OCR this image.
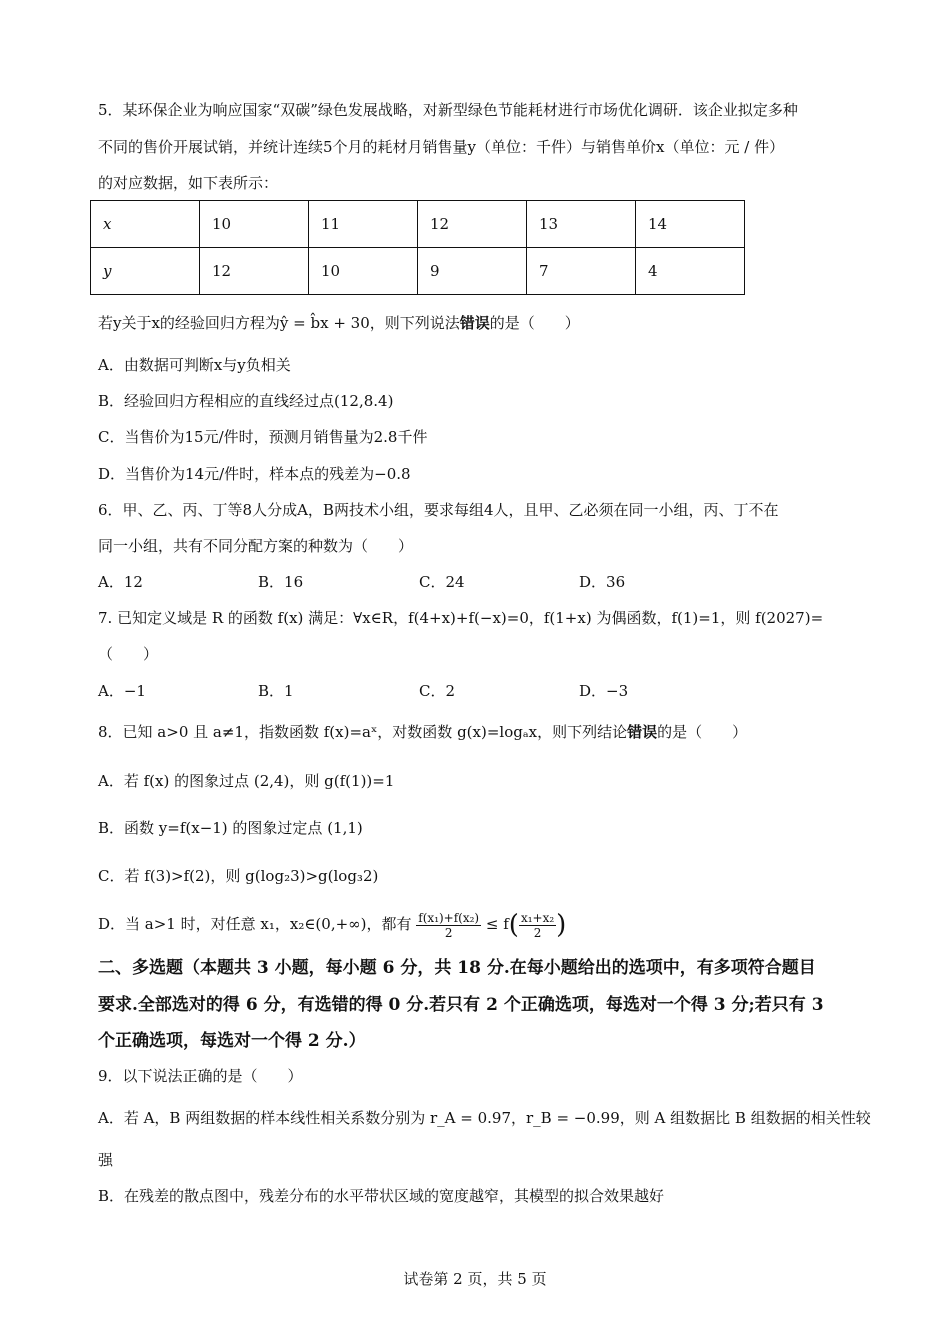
5．某环保企业为响应国家“双碳”绿色发展战略，对新型绿色节能耗材进行市场优化调研．该企业拟定多种
不同的售价开展试销，并统计连续5个月的耗材月销售量y（单位：千件）与销售单价x（单位：元 / 件）
的对应数据，如下表所示：
x	10	11	12	13	14
y	12	10	9	7	4
若y关于x的经验回归方程为ŷ = b̂x + 30，则下列说法错误的是（　　）
A．由数据可判断x与y负相关
B．经验回归方程相应的直线经过点(12,8.4)
C．当售价为15元/件时，预测月销售量为2.8千件
D．当售价为14元/件时，样本点的残差为−0.8
6．甲、乙、丙、丁等8人分成A，B两技术小组，要求每组4人，且甲、乙必须在同一小组，丙、丁不在
同一小组，共有不同分配方案的种数为（　　）
A．12	B．16	C．24	D．36
7. 已知定义域是 R 的函数 f(x) 满足：∀x∈R，f(4+x)+f(−x)=0，f(1+x) 为偶函数，f(1)=1，则 f(2027)=
（　　）
A．−1	B．1	C．2	D．−3
8．已知 a>0 且 a≠1，指数函数 f(x)=aˣ，对数函数 g(x)=logₐx，则下列结论错误的是（　　）
A．若 f(x) 的图象过点 (2,4)，则 g(f(1))=1
B．函数 y=f(x−1) 的图象过定点 (1,1)
C．若 f(3)>f(2)，则 g(log₂3)>g(log₃2)
D．当 a>1 时，对任意 x₁，x₂∈(0,+∞)，都有 $\frac{\text{f(x₁)+f(x₂)}}{2} \le f( \frac{\text{x₁+x₂}}{2}$ )
二、多选题（本题共 3 小题，每小题 6 分，共 18 分.在每小题给出的选项中，有多项符合题目
要求.全部选对的得 6 分，有选错的得 0 分.若只有 2 个正确选项，每选对一个得 3 分;若只有 3
个正确选项，每选对一个得 2 分.）
9．以下说法正确的是（　　）
A．若 A，B 两组数据的样本线性相关系数分别为 r_A = 0.97，r_B = −0.99，则 A 组数据比 B 组数据的相关性较
强
B．在残差的散点图中，残差分布的水平带状区域的宽度越窄，其模型的拟合效果越好
试卷第 2 页，共 5 页
